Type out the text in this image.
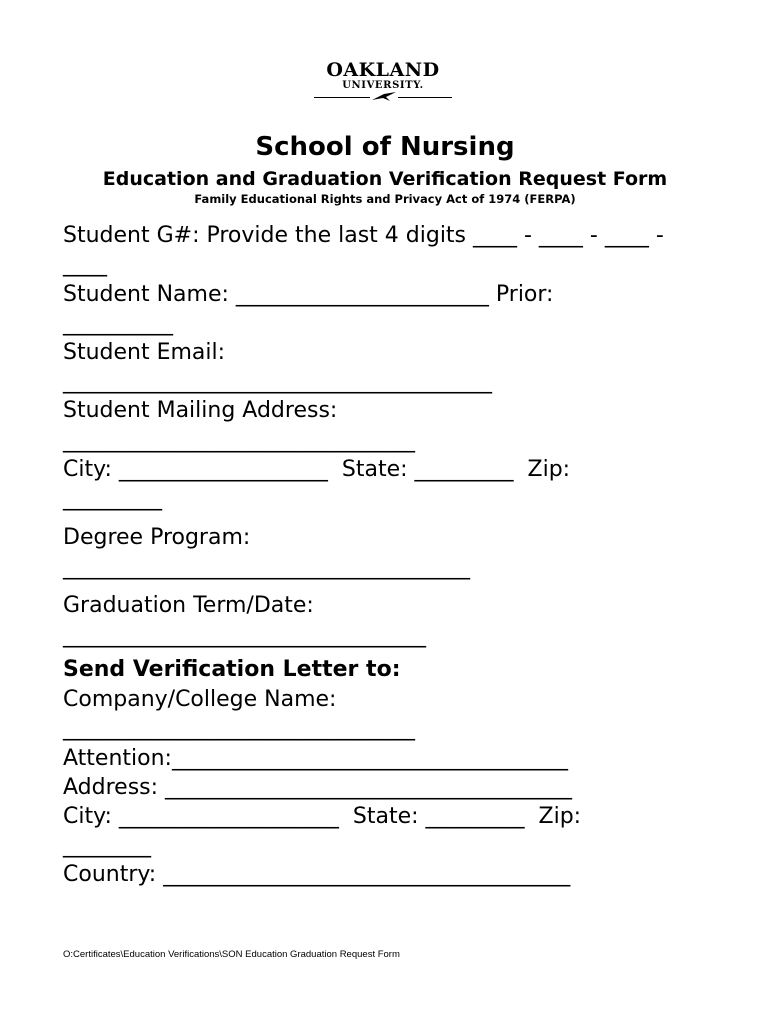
OAKLAND
UNIVERSITY.
School of Nursing
Education and Graduation Verification Request Form
Family Educational Rights and Privacy Act of 1974 (FERPA)
Student G#: Provide the last 4 digits ____ - ____ - ____ -
____
Student Name: _______________________ Prior:
__________
Student Email:
_______________________________________
Student Mailing Address:
________________________________
City: ___________________  State: _________  Zip:
_________
Degree Program:
_____________________________________
Graduation Term/Date:
_________________________________
Send Verification Letter to:
Company/College Name:
________________________________
Attention:____________________________________
Address: _____________________________________
City: ____________________  State: _________  Zip:
________
Country: _____________________________________
O:Certificates\Education Verifications\SON Education Graduation Request Form
